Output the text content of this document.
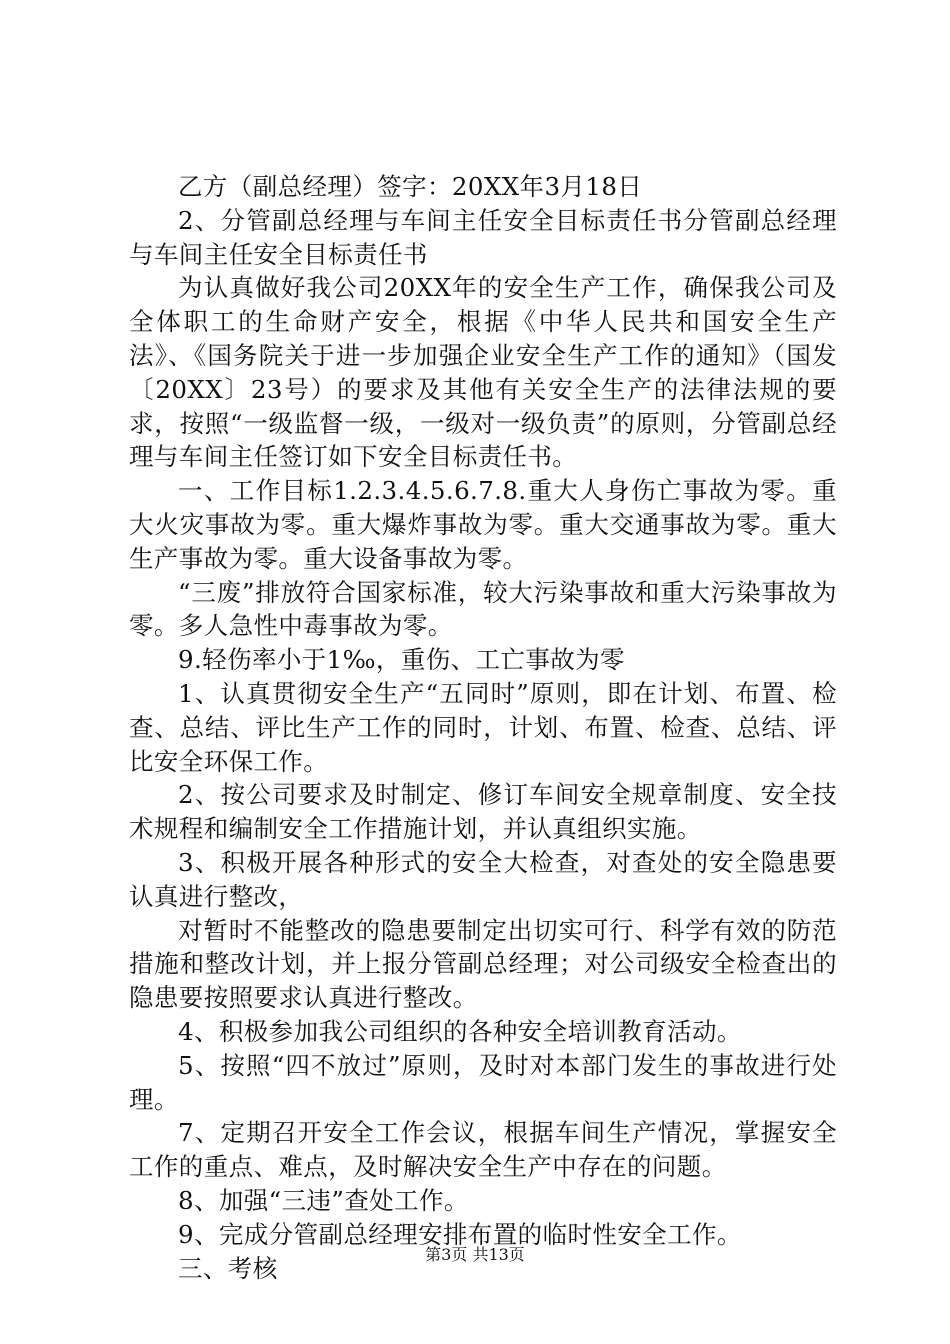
乙方（副总经理）签字：20XX年3月18日

2、分管副总经理与车间主任安全目标责任书分管副总经理与车间主任安全目标责任书

为认真做好我公司20XX年的安全生产工作，确保我公司及全体职工的生命财产安全，根据《中华人民共和国安全生产法》、《国务院关于进一步加强企业安全生产工作的通知》（国发〔20XX〕23号）的要求及其他有关安全生产的法律法规的要求，按照“一级监督一级，一级对一级负责”的原则，分管副总经理与车间主任签订如下安全目标责任书。

一、工作目标1.2.3.4.5.6.7.8.重大人身伤亡事故为零。重大火灾事故为零。重大爆炸事故为零。重大交通事故为零。重大生产事故为零。重大设备事故为零。

“三废”排放符合国家标准，较大污染事故和重大污染事故为零。多人急性中毒事故为零。

9.轻伤率小于1‰，重伤、工亡事故为零

1、认真贯彻安全生产“五同时”原则，即在计划、布置、检查、总结、评比生产工作的同时，计划、布置、检查、总结、评比安全环保工作。

2、按公司要求及时制定、修订车间安全规章制度、安全技术规程和编制安全工作措施计划，并认真组织实施。

3、积极开展各种形式的安全大检查，对查处的安全隐患要认真进行整改，

对暂时不能整改的隐患要制定出切实可行、科学有效的防范措施和整改计划，并上报分管副总经理；对公司级安全检查出的隐患要按照要求认真进行整改。

4、积极参加我公司组织的各种安全培训教育活动。

5、按照“四不放过”原则，及时对本部门发生的事故进行处理。

7、定期召开安全工作会议，根据车间生产情况，掌握安全工作的重点、难点，及时解决安全生产中存在的问题。

8、加强“三违”查处工作。

9、完成分管副总经理安排布置的临时性安全工作。

三、考核	第3页 共13页
